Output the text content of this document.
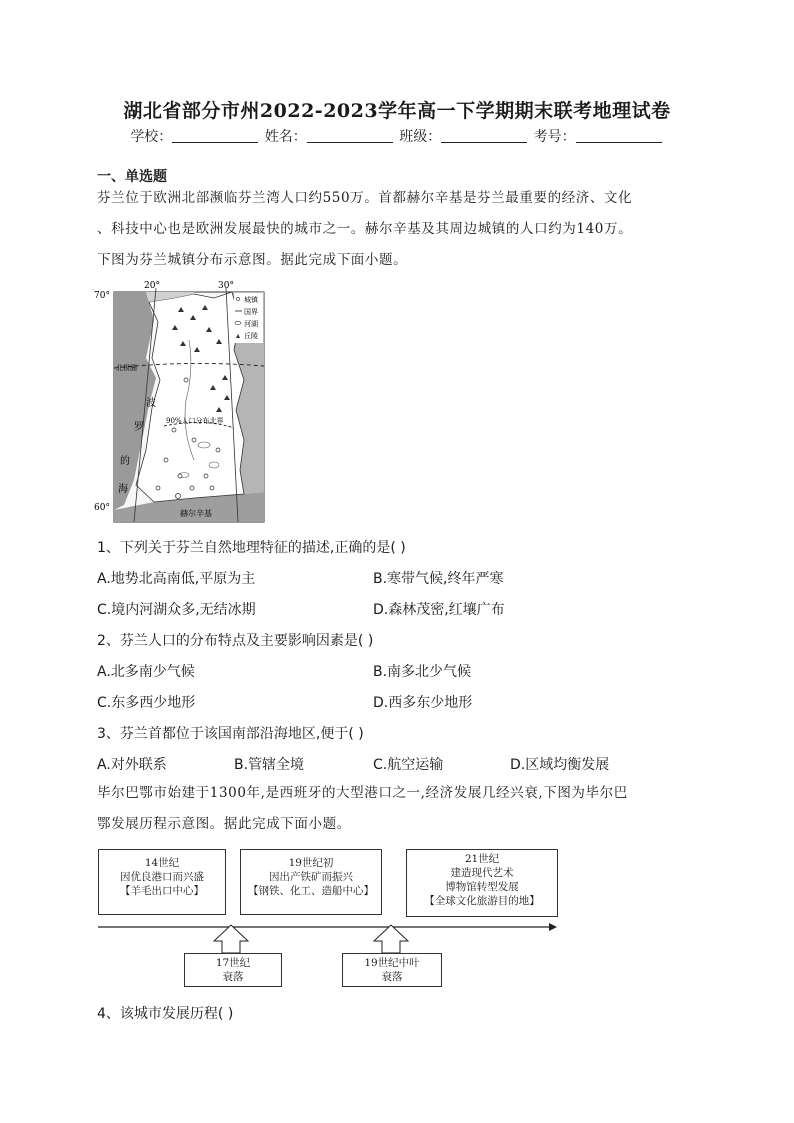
湖北省部分市州2022-2023学年高一下学期期末联考地理试卷
学校：	姓名：	班级：	考号：
一、单选题
芬兰位于欧洲北部濒临芬兰湾人口约550万。首都赫尔辛基是芬兰最重要的经济、文化
、科技中心也是欧洲发展最快的城市之一。赫尔辛基及其周边城镇的人口约为140万。
下图为芬兰城镇分布示意图。据此完成下面小题。
70°
60°
20°	30°
北极圈
90%人口分布北界
波
罗
的
海
赫尔辛基
城镇
国界
河湖
丘陵
1、下列关于芬兰自然地理特征的描述,正确的是( )
A.地势北高南低,平原为主	B.寒带气候,终年严寒
C.境内河湖众多,无结冰期	D.森林茂密,红壤广布
2、芬兰人口的分布特点及主要影响因素是( )
A.北多南少气候	B.南多北少气候
C.东多西少地形	D.西多东少地形
3、芬兰首都位于该国南部沿海地区,便于( )
A.对外联系	B.管辖全境	C.航空运输	D.区域均衡发展
毕尔巴鄂市始建于1300年,是西班牙的大型港口之一,经济发展几经兴衰,下图为毕尔巴
鄂发展历程示意图。据此完成下面小题。
14世纪
因优良港口而兴盛
【羊毛出口中心】
19世纪初
因出产铁矿而振兴
【钢铁、化工、造船中心】
21世纪
建造现代艺术
博物馆转型发展
【全球文化旅游目的地】
17世纪
衰落
19世纪中叶
衰落
4、该城市发展历程( )
